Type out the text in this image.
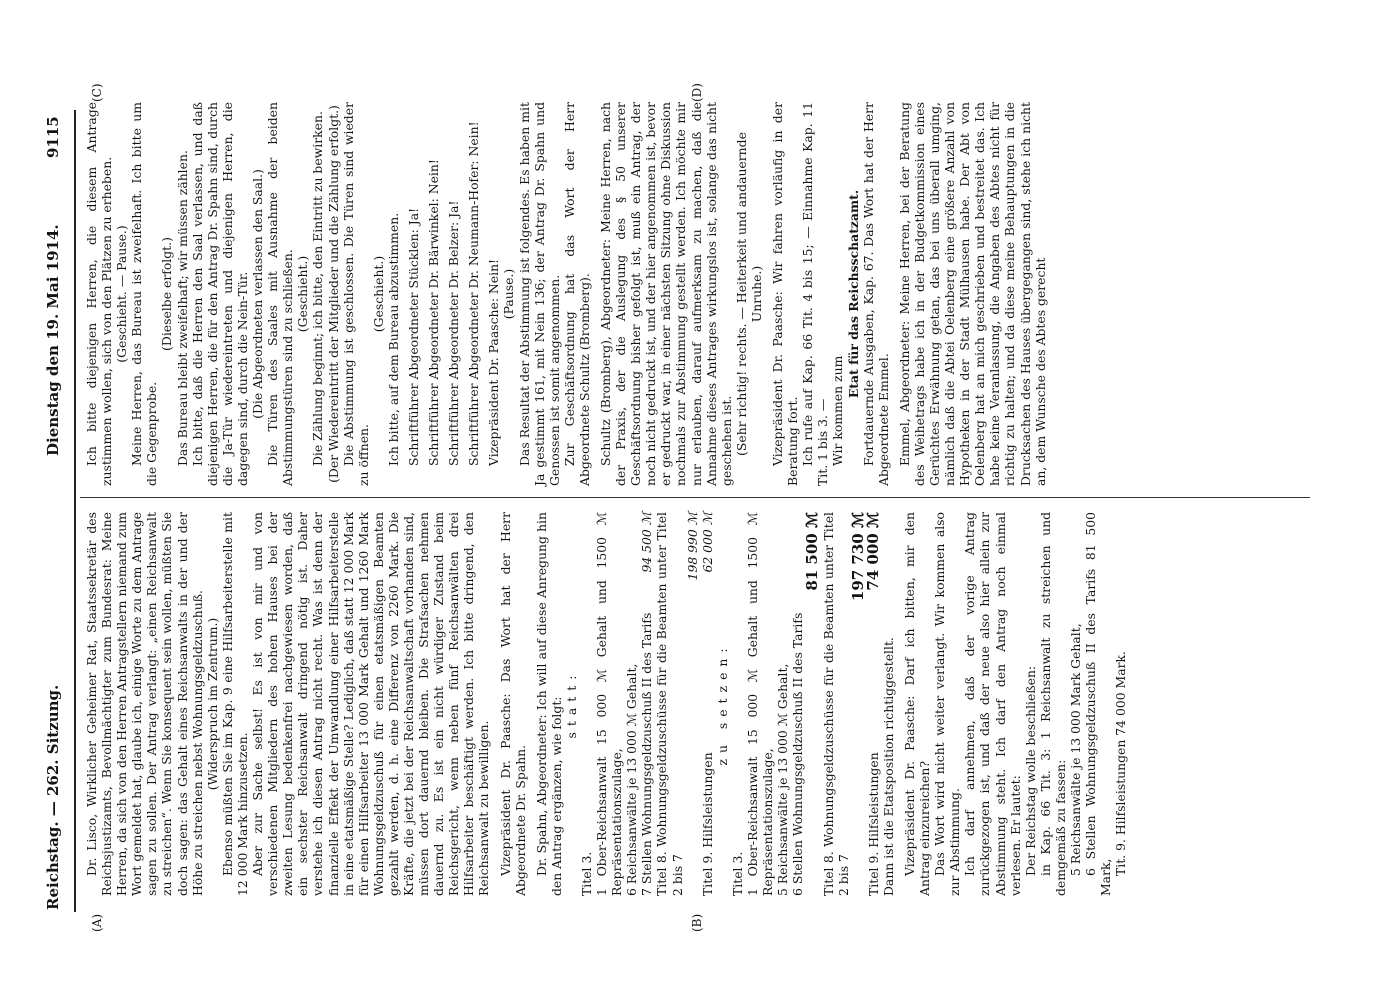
Reichstag. — 262. Sitzung.
Dienstag den 19. Mai 1914.
9115
(A)	(B)
(C)	(D)

Dr. Lisco, Wirklicher Geheimer Rat, Staatssekretär des Reichsjustizamts, Bevollmächtigter zum Bundesrat: Meine Herren, da sich von den Herren Antragstellern niemand zum Wort gemeldet hat, glaube ich, einige Worte zu dem Antrage sagen zu sollen. Der Antrag verlangt: „einen Reichsanwalt zu streichen“. Wenn Sie konsequent sein wollen, müßten Sie doch sagen: das Gehalt eines Reichsanwalts in der und der Höhe zu streichen nebst Wohnungsgeldzuschuß. (Widerspruch im Zentrum.) Ebenso müßten Sie im Kap. 9 eine Hilfsarbeiterstelle mit 12 000 Mark hinzusetzen. Aber zur Sache selbst! Es ist von mir und von verschiedenen Mitgliedern des hohen Hauses bei der zweiten Lesung bedenkenfrei nachgewiesen worden, daß ein sechster Reichsanwalt dringend nötig ist. Daher verstehe ich diesen Antrag nicht recht. Was ist denn der finanzielle Effekt der Umwandlung einer Hilfsarbeiterstelle in eine etatsmäßige Stelle? Lediglich, daß statt 12 000 Mark für einen Hilfsarbeiter 13 000 Mark Gehalt und 1260 Mark Wohnungsgeldzuschuß für einen etatsmäßigen Beamten gezahlt werden, d. h. eine Differenz von 2260 Mark. Die Kräfte, die jetzt bei der Reichsanwaltschaft vorhanden sind, müssen dort dauernd bleiben. Die Strafsachen nehmen dauernd zu. Es ist ein nicht würdiger Zustand beim Reichsgericht, wenn neben fünf Reichsanwälten drei Hilfsarbeiter beschäftigt werden. Ich bitte dringend, den Reichsanwalt zu bewilligen. Vizepräsident Dr. Paasche: Das Wort hat der Herr Abgeordnete Dr. Spahn. Dr. Spahn, Abgeordneter: Ich will auf diese Anregung hin den Antrag ergänzen, wie folgt: statt:

Titel 3. 1 Ober-Reichsanwalt 15 000 ℳ Gehalt und 1500 ℳ Repräsentationszulage, 6 Reichsanwälte je 13 000 ℳ Gehalt, 7 Stellen Wohnungsgeldzuschuß II des Tarifs
94 500 ℳ Titel 8. Wohnungsgeldzuschüsse für die Beamten unter Titel 2 bis 7

198 990 ℳ

Titel 9. Hilfsleistungen
62 000 ℳ

zu setzen:

Titel 3. 1 Ober-Reichsanwalt 15 000 ℳ Gehalt und 1500 ℳ Repräsentationszulage, 5 Reichsanwälte je 13 000 ℳ Gehalt, 6 Stellen Wohnungsgeldzuschuß II des Tarifs

81 500 ℳ Titel 8. Wohnungsgeldzuschüsse für die Beamten unter Titel 2 bis 7

197 730 ℳ

Titel 9. Hilfsleistungen
74 000 ℳ

Dann ist die Etatsposition richtiggestellt. Vizepräsident Dr. Paasche: Darf ich bitten, mir den Antrag einzureichen? Das Wort wird nicht weiter verlangt. Wir kommen also zur Abstimmung. Ich darf annehmen, daß der vorige Antrag zurückgezogen ist, und daß der neue also hier allein zur Abstimmung steht. Ich darf den Antrag noch einmal verlesen. Er lautet: Der Reichstag wolle beschließen: in Kap. 66 Tit. 3: 1 Reichsanwalt zu streichen und demgemäß zu fassen: 5 Reichsanwälte je 13 000 Mark Gehalt, 6 Stellen Wohnungsgeldzuschuß II des Tarifs 81 500 Mark,

Tit. 9. Hilfsleistungen 74 000 Mark.

Ich bitte diejenigen Herren, die diesem Antrage zustimmen wollen, sich von den Plätzen zu erheben. (Geschieht. — Pause.) Meine Herren, das Bureau ist zweifelhaft. Ich bitte um die Gegenprobe.

(Dieselbe erfolgt.) Das Bureau bleibt zweifelhaft; wir müssen zählen. Ich bitte, daß die Herren den Saal verlassen, und daß diejenigen Herren, die für den Antrag Dr. Spahn sind, durch die Ja-Tür wiedereintreten und diejenigen Herren, die dagegen sind, durch die Nein-Tür. (Die Abgeordneten verlassen den Saal.) Die Türen des Saales mit Ausnahme der beiden Abstimmungstüren sind zu schließen. (Geschieht.) Die Zählung beginnt; ich bitte, den Eintritt zu bewirken. (Der Wiedereintritt der Mitglieder und die Zählung erfolgt.) Die Abstimmung ist geschlossen. Die Türen sind wieder zu öffnen.

(Geschieht.) Ich bitte, auf dem Bureau abzustimmen. Schriftführer Abgeordneter Stücklen: Ja! Schriftführer Abgeordneter Dr. Bärwinkel: Nein! Schriftführer Abgeordneter Dr. Belzer: Ja! Schriftführer Abgeordneter Dr. Neumann-Hofer: Nein! Vizepräsident Dr. Paasche: Nein! (Pause.) Das Resultat der Abstimmung ist folgendes. Es haben mit Ja gestimmt 161, mit Nein 136; der Antrag Dr. Spahn und Genossen ist somit angenommen. Zur Geschäftsordnung hat das Wort der Herr Abgeordnete Schultz (Bromberg). Schultz (Bromberg), Abgeordneter: Meine Herren, nach der Praxis, der die Auslegung des § 50 unserer Geschäftsordnung bisher gefolgt ist, muß ein Antrag, der noch nicht gedruckt ist, und der hier angenommen ist, bevor er gedruckt war, in einer nächsten Sitzung ohne Diskussion nochmals zur Abstimmung gestellt werden. Ich möchte mir nur erlauben, darauf aufmerksam zu machen, daß die Annahme dieses Antrages wirkungslos ist, solange das nicht geschehen ist. (Sehr richtig! rechts. — Heiterkeit und andauernde Unruhe.) Vizepräsident Dr. Paasche: Wir fahren vorläufig in der Beratung fort. Ich rufe auf Kap. 66 Tit. 4 bis 15; — Einnahme Kap. 11 Tit. 1 bis 3. — Wir kommen zum

Etat für das Reichsschatzamt. Fortdauernde Ausgaben, Kap. 67. Das Wort hat der Herr Abgeordnete Emmel. Emmel, Abgeordneter: Meine Herren, bei der Beratung des Weihetrags habe ich in der Budgetkommission eines Gerüchtes Erwähnung getan, das bei uns überall umging, nämlich daß die Abtei Oelenberg eine größere Anzahl von Hypotheken in der Stadt Mülhausen habe. Der Abt von Oelenberg hat an mich geschrieben und bestreitet das. Ich habe keine Veranlassung, die Angaben des Abtes nicht für richtig zu halten; und da diese meine Behauptungen in die Drucksachen des Hauses übergegangen sind, stehe ich nicht an, dem Wunsche des Abtes gerecht
